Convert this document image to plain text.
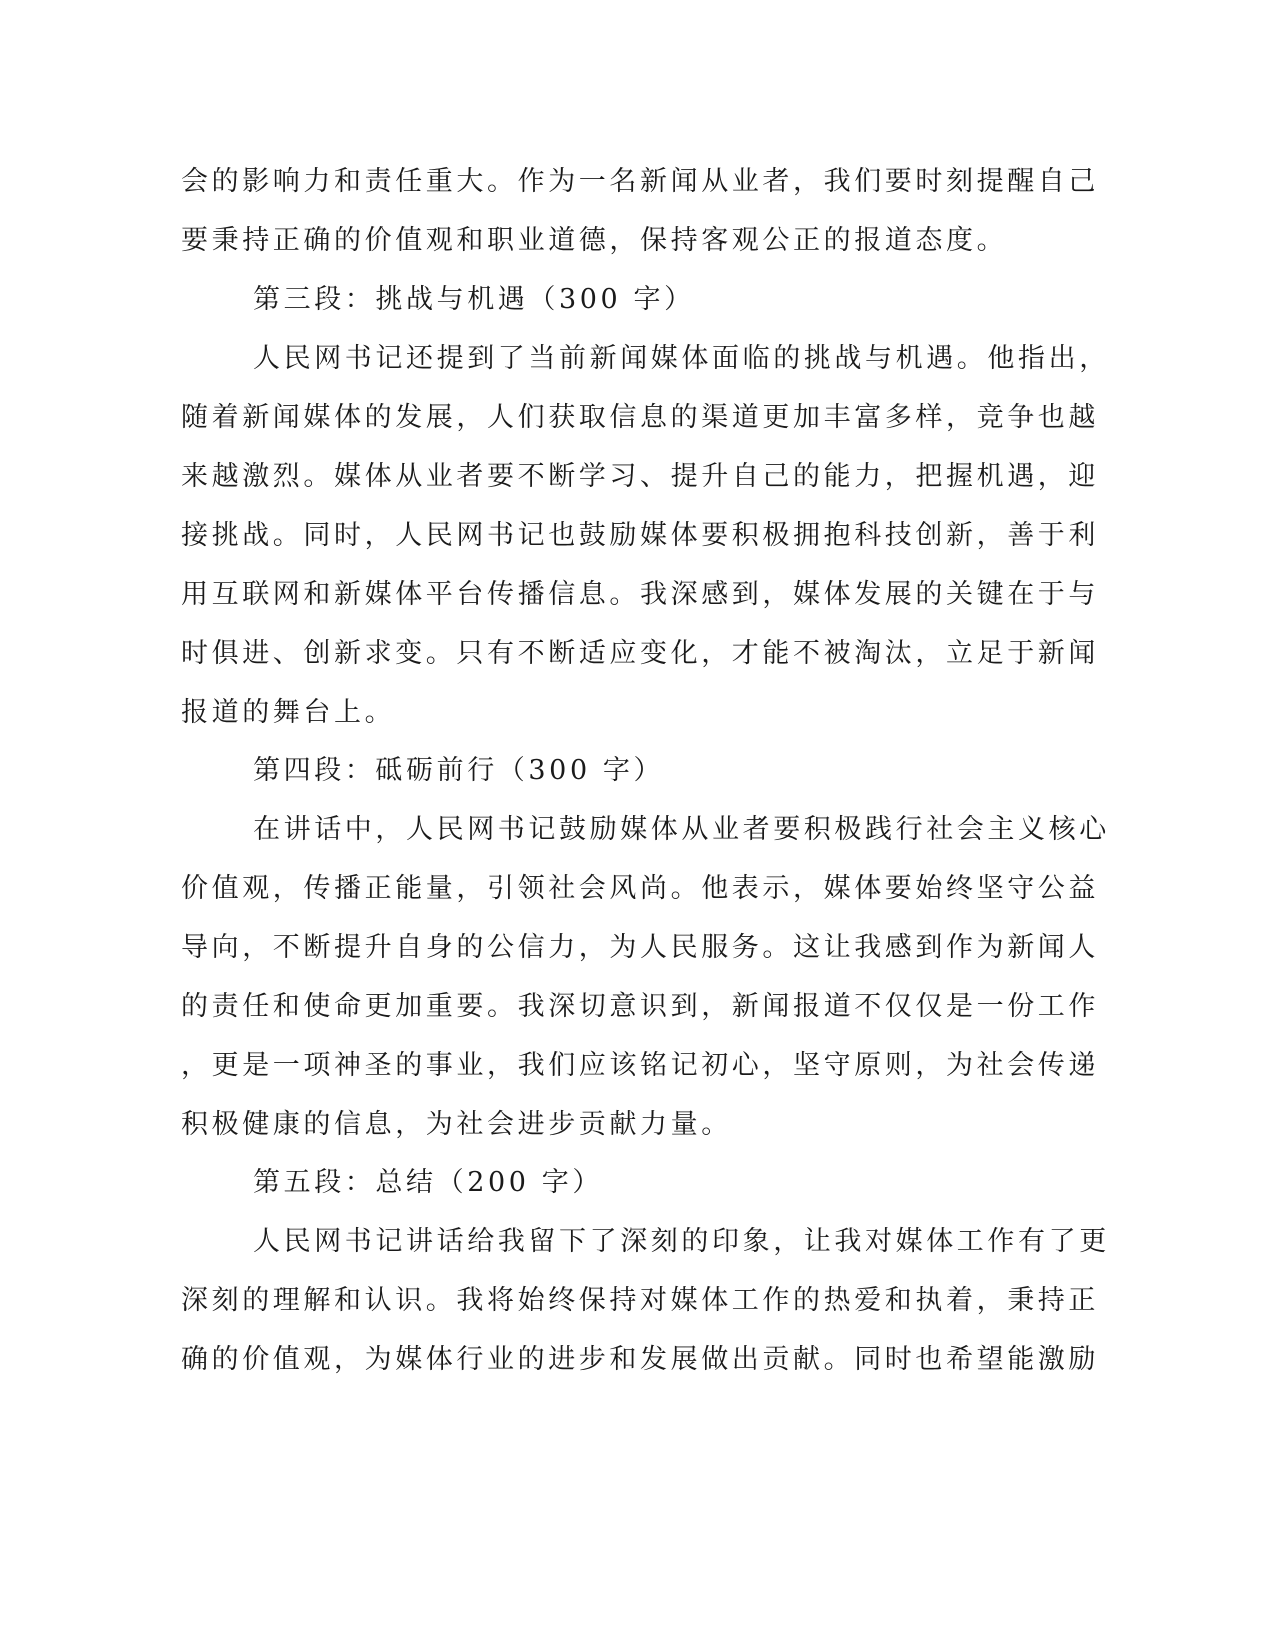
会的影响力和责任重大。作为一名新闻从业者，我们要时刻提醒自己
要秉持正确的价值观和职业道德，保持客观公正的报道态度。
第三段：挑战与机遇（300 字）
人民网书记还提到了当前新闻媒体面临的挑战与机遇。他指出，
随着新闻媒体的发展，人们获取信息的渠道更加丰富多样，竞争也越
来越激烈。媒体从业者要不断学习、提升自己的能力，把握机遇，迎
接挑战。同时，人民网书记也鼓励媒体要积极拥抱科技创新，善于利
用互联网和新媒体平台传播信息。我深感到，媒体发展的关键在于与
时俱进、创新求变。只有不断适应变化，才能不被淘汰，立足于新闻
报道的舞台上。
第四段：砥砺前行（300 字）
在讲话中，人民网书记鼓励媒体从业者要积极践行社会主义核心
价值观，传播正能量，引领社会风尚。他表示，媒体要始终坚守公益
导向，不断提升自身的公信力，为人民服务。这让我感到作为新闻人
的责任和使命更加重要。我深切意识到，新闻报道不仅仅是一份工作
，更是一项神圣的事业，我们应该铭记初心，坚守原则，为社会传递
积极健康的信息，为社会进步贡献力量。
第五段：总结（200 字）
人民网书记讲话给我留下了深刻的印象，让我对媒体工作有了更
深刻的理解和认识。我将始终保持对媒体工作的热爱和执着，秉持正
确的价值观，为媒体行业的进步和发展做出贡献。同时也希望能激励
